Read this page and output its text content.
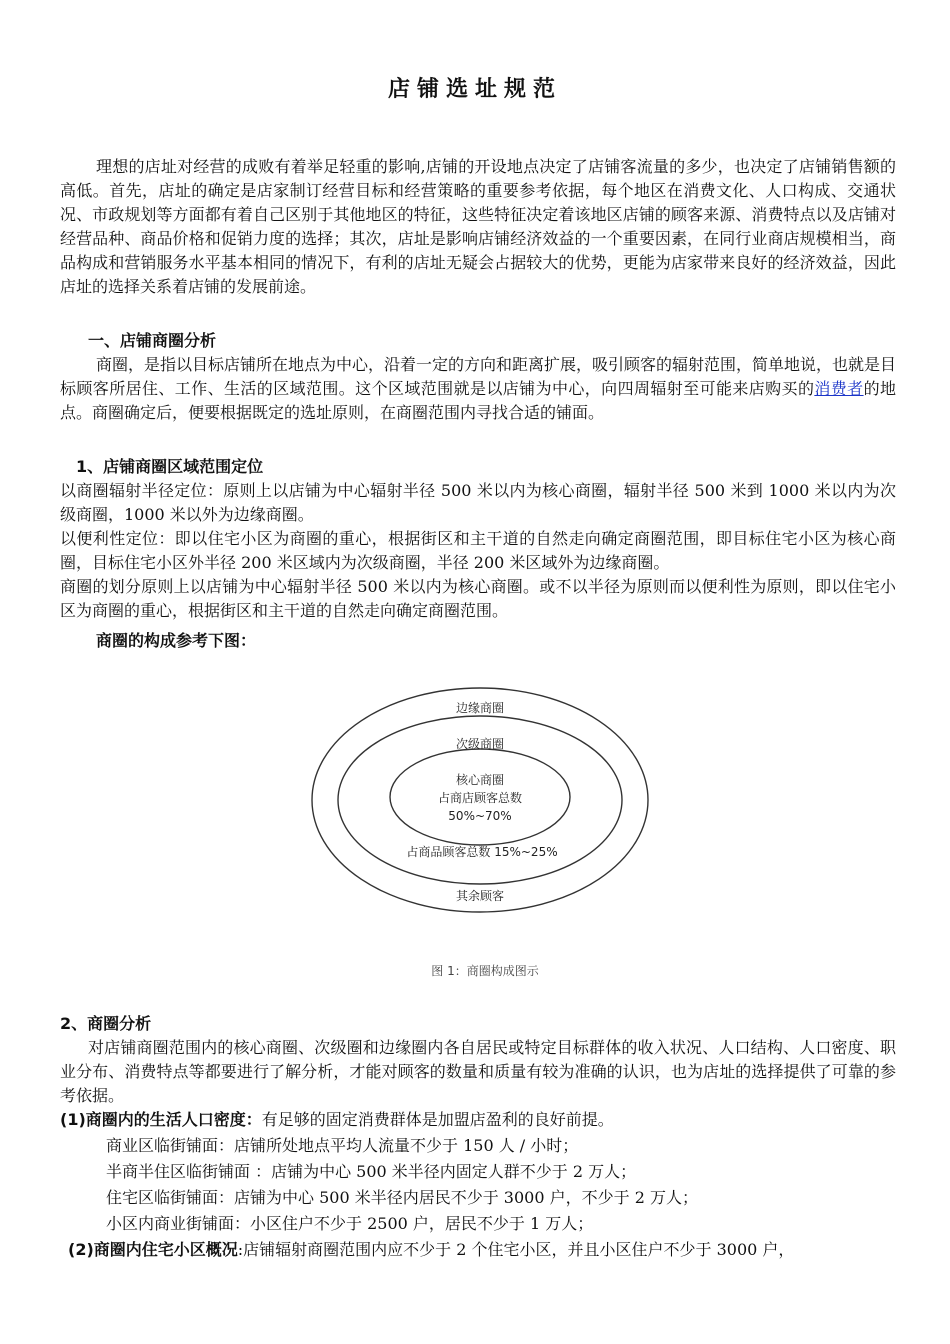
店铺选址规范
理想的店址对经营的成败有着举足轻重的影响,店铺的开设地点决定了店铺客流量的多少，也决定了店铺销售额的高低。首先，店址的确定是店家制订经营目标和经营策略的重要参考依据，每个地区在消费文化、人口构成、交通状况、市政规划等方面都有着自己区别于其他地区的特征，这些特征决定着该地区店铺的顾客来源、消费特点以及店铺对经营品种、商品价格和促销力度的选择；其次，店址是影响店铺经济效益的一个重要因素，在同行业商店规模相当，商品构成和营销服务水平基本相同的情况下，有利的店址无疑会占据较大的优势，更能为店家带来良好的经济效益，因此店址的选择关系着店铺的发展前途。
一、店铺商圈分析
商圈，是指以目标店铺所在地点为中心，沿着一定的方向和距离扩展，吸引顾客的辐射范围，简单地说，也就是目标顾客所居住、工作、生活的区域范围。这个区域范围就是以店铺为中心，向四周辐射至可能来店购买的消费者的地点。商圈确定后，便要根据既定的选址原则，在商圈范围内寻找合适的铺面。
1、店铺商圈区域范围定位
以商圈辐射半径定位：原则上以店铺为中心辐射半径 500 米以内为核心商圈，辐射半径 500 米到 1000 米以内为次级商圈，1000 米以外为边缘商圈。
以便利性定位：即以住宅小区为商圈的重心，根据街区和主干道的自然走向确定商圈范围，即目标住宅小区为核心商圈，目标住宅小区外半径 200 米区域内为次级商圈，半径 200 米区域外为边缘商圈。
商圈的划分原则上以店铺为中心辐射半径 500 米以内为核心商圈。或不以半径为原则而以便利性为原则，即以住宅小区为商圈的重心，根据街区和主干道的自然走向确定商圈范围。
商圈的构成参考下图：
边缘商圈
次级商圈
核心商圈
占商店顾客总数
50%~70%
占商品顾客总数 15%~25%
其余顾客
图 1：商圈构成图示
2、商圈分析
对店铺商圈范围内的核心商圈、次级圈和边缘圈内各自居民或特定目标群体的收入状况、人口结构、人口密度、职业分布、消费特点等都要进行了解分析，才能对顾客的数量和质量有较为准确的认识，也为店址的选择提供了可靠的参考依据。
(1)商圈内的生活人口密度：有足够的固定消费群体是加盟店盈利的良好前提。
商业区临街铺面：店铺所处地点平均人流量不少于 150 人 / 小时；
半商半住区临街铺面 ：店铺为中心 500 米半径内固定人群不少于 2 万人；
住宅区临街铺面：店铺为中心 500 米半径内居民不少于 3000 户，不少于 2 万人；
小区内商业街铺面：小区住户不少于 2500 户，居民不少于 1 万人；
(2)商圈内住宅小区概况:店铺辐射商圈范围内应不少于 2 个住宅小区，并且小区住户不少于 3000 户，
